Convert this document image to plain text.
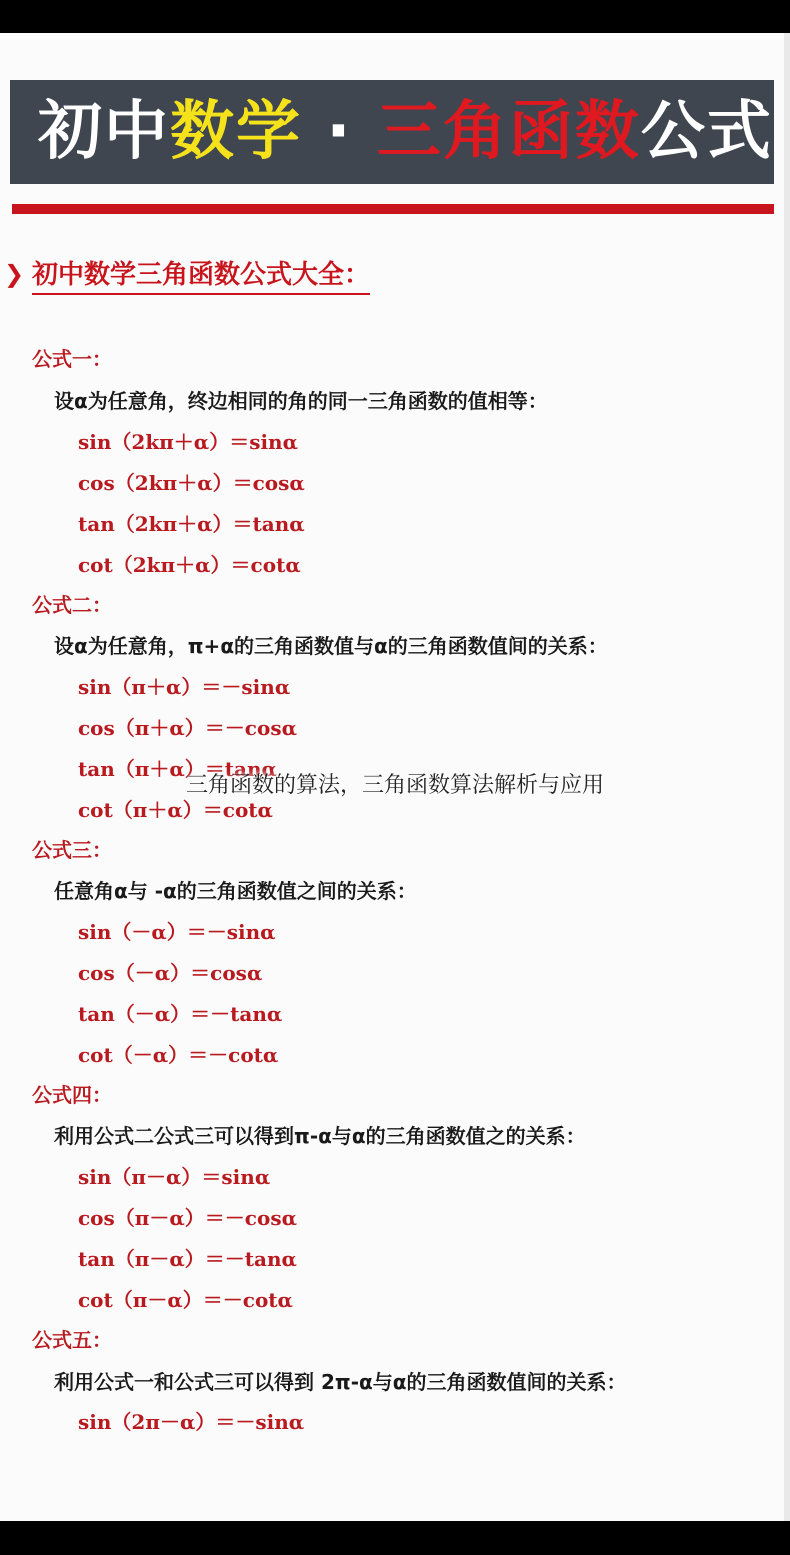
初中数学 · 三角函数公式
❯ 初中数学三角函数公式大全：
公式一：
设α为任意角，终边相同的角的同一三角函数的值相等：
sin（2kπ＋α）＝sinα
cos（2kπ＋α）＝cosα
tan（2kπ＋α）＝tanα
cot（2kπ＋α）＝cotα
公式二：
设α为任意角，π+α的三角函数值与α的三角函数值间的关系：
sin（π＋α）＝－sinα
cos（π＋α）＝－cosα
tan（π＋α）＝tanα
cot（π＋α）＝cotα
公式三：
任意角α与 -α的三角函数值之间的关系：
sin（－α）＝－sinα
cos（－α）＝cosα
tan（－α）＝－tanα
cot（－α）＝－cotα
公式四：
利用公式二公式三可以得到π-α与α的三角函数值之的关系：
sin（π－α）＝sinα
cos（π－α）＝－cosα
tan（π－α）＝－tanα
cot（π－α）＝－cotα
公式五：
利用公式一和公式三可以得到 2π-α与α的三角函数值间的关系：
sin（2π－α）＝－sinα
三角函数的算法，三角函数算法解析与应用
